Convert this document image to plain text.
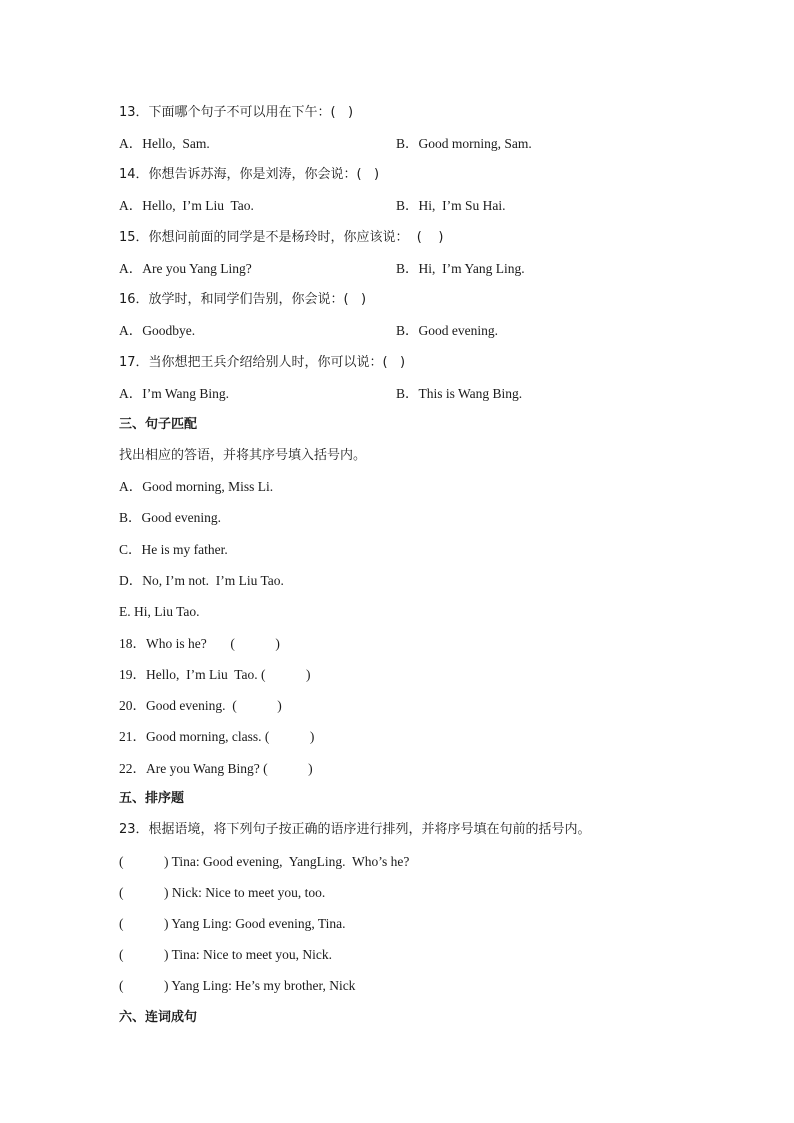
13．下面哪个句子不可以用在下午：(   )
A．Hello,  Sam.	B．Good morning, Sam.
14．你想告诉苏海，你是刘涛，你会说：(   )
A．Hello,  I’m Liu  Tao.	B．Hi,  I’m Su Hai.
15．你想问前面的同学是不是杨玲时，你应该说：  (    )
A．Are you Yang Ling?	B．Hi,  I’m Yang Ling.
16．放学时，和同学们告别，你会说：(   )
A．Goodbye.	B．Good evening.
17．当你想把王兵介绍给别人时，你可以说：(   )
A．I’m Wang Bing.	B．This is Wang Bing.
三、句子匹配
找出相应的答语，并将其序号填入括号内。
A．Good morning, Miss Li.
B．Good evening.
C．He is my father.
D．No, I’m not.  I’m Liu Tao.
E. Hi, Liu Tao.
18．Who is he?       (            )
19．Hello,  I’m Liu  Tao. (            )
20．Good evening.  (            )
21．Good morning, class. (            )
22．Are you Wang Bing? (            )
五、排序题
23．根据语境，将下列句子按正确的语序进行排列，并将序号填在句前的括号内。
(            ) Tina: Good evening,  YangLing.  Who’s he?
(            ) Nick: Nice to meet you, too.
(            ) Yang Ling: Good evening, Tina.
(            ) Tina: Nice to meet you, Nick.
(            ) Yang Ling: He’s my brother, Nick
六、连词成句
